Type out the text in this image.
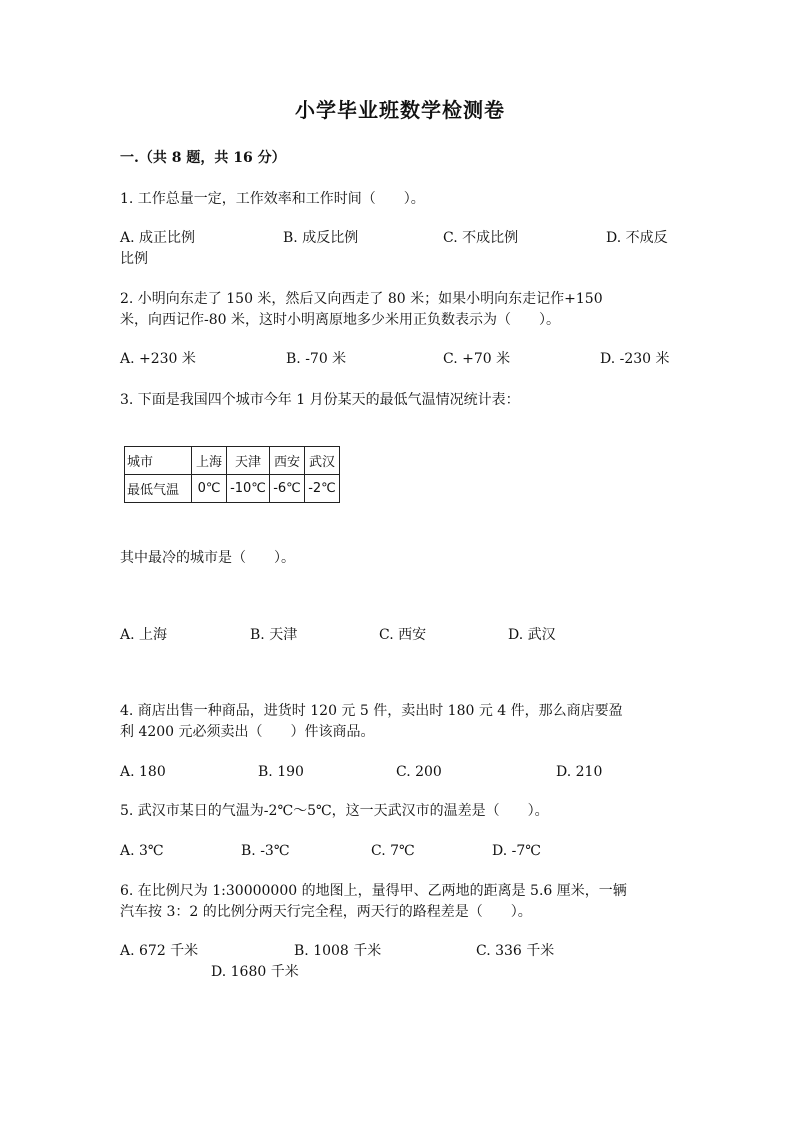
小学毕业班数学检测卷
一.（共 8 题，共 16 分）
1. 工作总量一定，工作效率和工作时间（　　）。
A. 成正比例	B. 成反比例	C. 不成比例	D. 不成反
比例
2. 小明向东走了 150 米，然后又向西走了 80 米；如果小明向东走记作+150
米，向西记作-80 米，这时小明离原地多少米用正负数表示为（　　）。
A. +230 米	B. -70 米	C. +70 米	D. -230 米
3. 下面是我国四个城市今年 1 月份某天的最低气温情况统计表：
城市	上海	天津	西安	武汉
最低气温	0℃	-10℃	-6℃	-2℃
其中最冷的城市是（　　）。
A. 上海	B. 天津	C. 西安	D. 武汉
4. 商店出售一种商品，进货时 120 元 5 件，卖出时 180 元 4 件，那么商店要盈
利 4200 元必须卖出（　　）件该商品。
A. 180	B. 190	C. 200	D. 210
5. 武汉市某日的气温为-2℃～5℃，这一天武汉市的温差是（　　）。
A. 3℃	B. -3℃	C. 7℃	D. -7℃
6. 在比例尺为 1:30000000 的地图上，量得甲、乙两地的距离是 5.6 厘米，一辆
汽车按 3：2 的比例分两天行完全程，两天行的路程差是（　　）。
A. 672 千米	B. 1008 千米	C. 336 千米
D. 1680 千米
